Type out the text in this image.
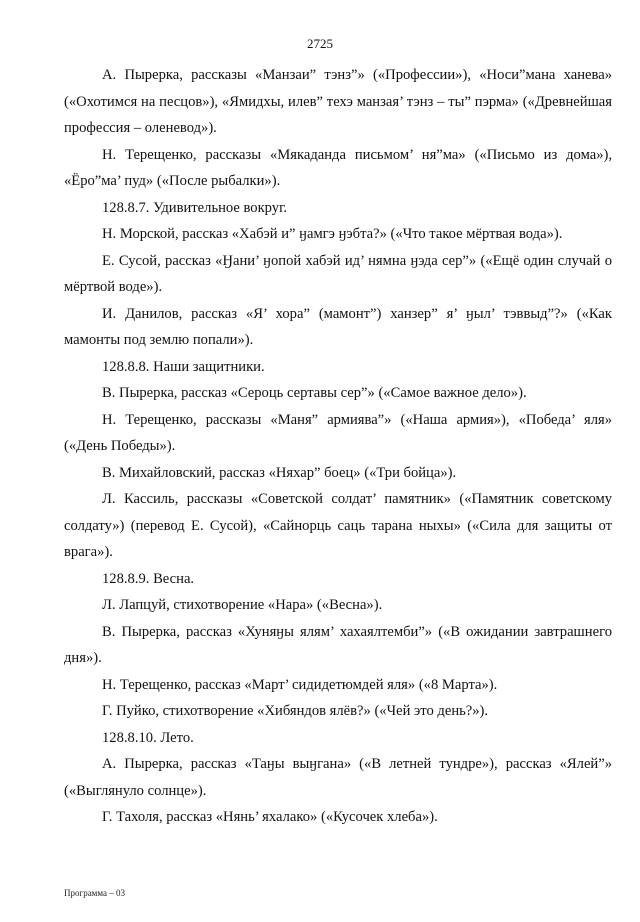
2725

А. Пырерка, рассказы «Манзаи” тэнз”» («Профессии»), «Носи”мана ханева» («Охотимся на песцов»), «Ямидхы, илев” техэ манзая’ тэнз – ты” пэрма» («Древнейшая профессия – оленевод»).

Н. Терещенко, рассказы «Мякаданда письмом’ ня”ма» («Письмо из дома»), «Ёро”ма’ пуд» («После рыбалки»).

128.8.7. Удивительное вокруг.

Н. Морской, рассказ «Хабэй и” ӈамгэ ӈэбта?» («Что такое мёртвая вода»).

Е. Сусой, рассказ «Ӈани’ ӈопой хабэй ид’ нямна ӈэда сер”» («Ещё один случай о мёртвой воде»).

И. Данилов, рассказ «Я’ хора” (мамонт”) ханзер” я’ ӈыл’ тэввыд”?» («Как мамонты под землю попали»).

128.8.8. Наши защитники.

В. Пырерка, рассказ «Сероць сертавы сер”» («Самое важное дело»).

Н. Терещенко, рассказы «Маня” армиява”» («Наша армия»), «Победа’ яля» («День Победы»).

В. Михайловский, рассказ «Няхар” боец» («Три бойца»).

Л. Кассиль, рассказы «Советской солдат’ памятник» («Памятник советскому солдату») (перевод Е. Сусой), «Сайнорць саць тарана ныхы» («Сила для защиты от врага»).

128.8.9. Весна.

Л. Лапцуй, стихотворение «Нара» («Весна»).

В. Пырерка, рассказ «Хуняӈы ялям’ хахаялтемби”» («В ожидании завтрашнего дня»).

Н. Терещенко, рассказ «Март’ сидидетюмдей яля» («8 Марта»).

Г. Пуйко, стихотворение «Хибяндов ялёв?» («Чей это день?»).

128.8.10. Лето.

А. Пырерка, рассказ «Таӈы выӈгана» («В летней тундре»), рассказ «Ялей”» («Выглянуло солнце»).

Г. Тахоля, рассказ «Нянь’ яхалако» («Кусочек хлеба»).

Программа – 03
